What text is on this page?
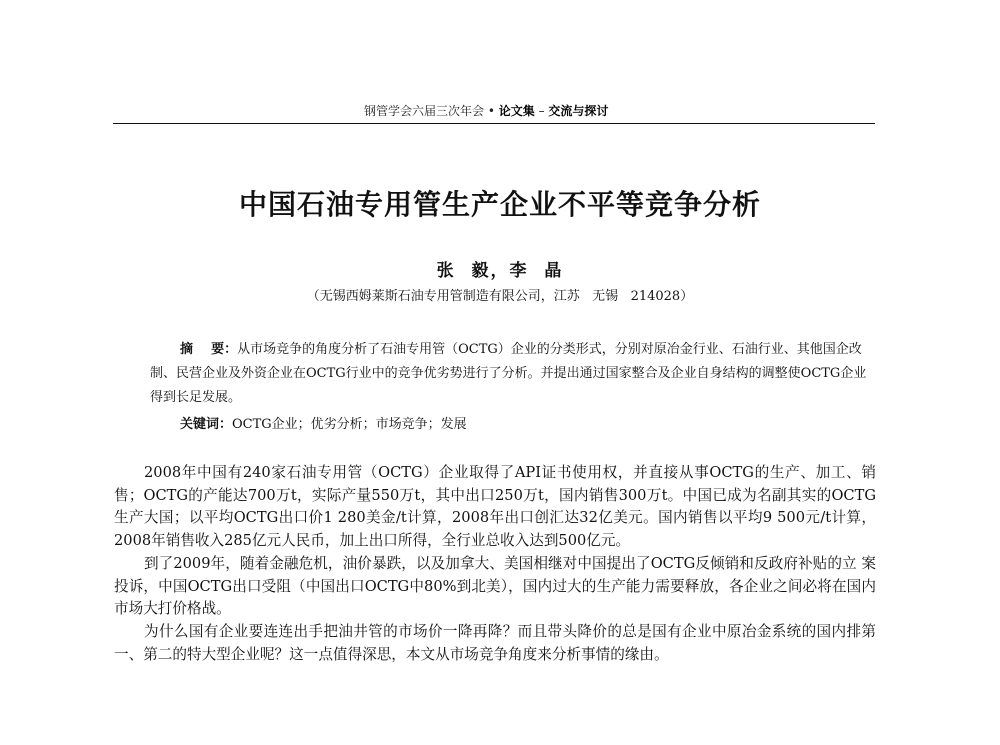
钢管学会六届三次年会 • 论文集 – 交流与探讨
中国石油专用管生产企业不平等竞争分析
张  毅，李  晶
（无锡西姆莱斯石油专用管制造有限公司，江苏   无锡   214028）
摘    要：从市场竞争的角度分析了石油专用管（OCTG）企业的分类形式，分别对原冶金行业、石油行业、其他国企改制、民营企业及外资企业在OCTG行业中的竞争优劣势进行了分析。并提出通过国家整合及企业自身结构的调整使OCTG企业得到长足发展。
关键词：OCTG企业；优劣分析；市场竞争；发展

2008年中国有240家石油专用管（OCTG）企业取得了API证书使用权，并直接从事OCTG的生产、加工、销售；OCTG的产能达700万t，实际产量550万t，其中出口250万t，国内销售300万t。中国已成为名副其实的OCTG生产大国；以平均OCTG出口价1 280美金/t计算，2008年出口创汇达32亿美元。国内销售以平均9 500元/t计算，2008年销售收入285亿元人民币，加上出口所得，全行业总收入达到500亿元。

到了2009年，随着金融危机，油价暴跌，以及加拿大、美国相继对中国提出了OCTG反倾销和反政府补贴的立 案投诉，中国OCTG出口受阻（中国出口OCTG中80%到北美），国内过大的生产能力需要释放，各企业之间必将在国内市场大打价格战。

为什么国有企业要连连出手把油井管的市场价一降再降？而且带头降价的总是国有企业中原冶金系统的国内排第一、第二的特大型企业呢？这一点值得深思，本文从市场竞争角度来分析事情的缘由。
